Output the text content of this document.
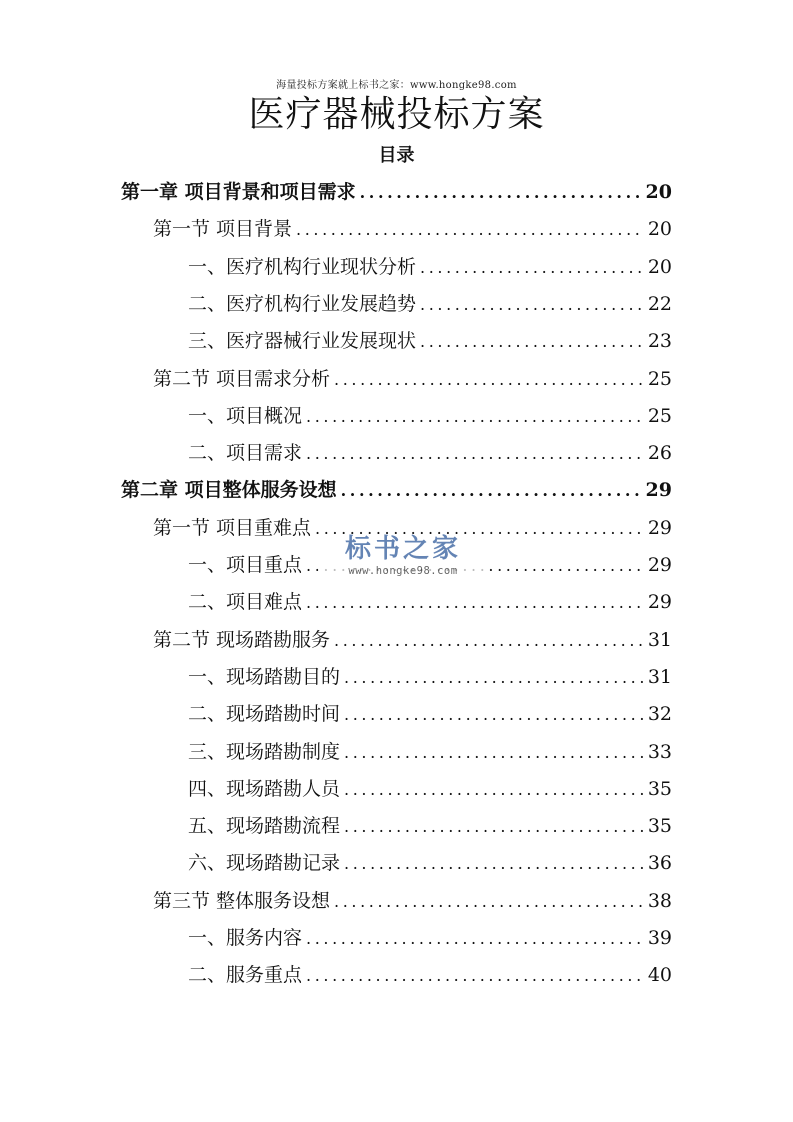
海量投标方案就上标书之家：www.hongke98.com
医疗器械投标方案
目录
第一章 项目背景和项目需求 .....	20
第一节 项目背景 .....	20
一、医疗机构行业现状分析 .....	20
二、医疗机构行业发展趋势 .....	22
三、医疗器械行业发展现状 .....	23
第二节 项目需求分析 .....	25
一、项目概况 .....	25
二、项目需求 .....	26
第二章 项目整体服务设想 .....	29
第一节 项目重难点 .....	29
一、项目重点 .....	29
二、项目难点 .....	29
第二节 现场踏勘服务 .....	31
一、现场踏勘目的 .....	31
二、现场踏勘时间 .....	32
三、现场踏勘制度 .....	33
四、现场踏勘人员 .....	35
五、现场踏勘流程 .....	35
六、现场踏勘记录 .....	36
第三节 整体服务设想 .....	38
一、服务内容 .....	39
二、服务重点 .....	40
标书之家
www.hongke98.com
